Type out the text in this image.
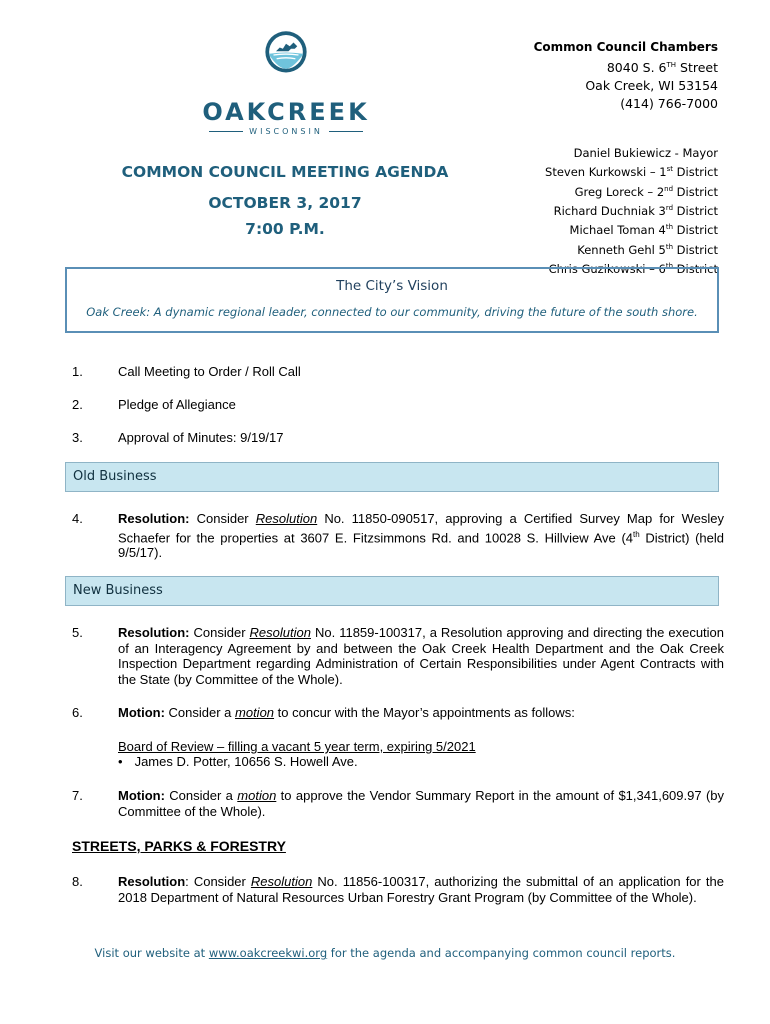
OAKCREEK
WISCONSIN
Common Council Chambers
8040 S. 6TH Street
Oak Creek, WI 53154
(414) 766-7000
Daniel Bukiewicz - Mayor
Steven Kurkowski – 1st District
Greg Loreck – 2nd District
Richard Duchniak 3rd District
Michael Toman 4th District
Kenneth Gehl 5th District
Chris Guzikowski – 6th District
COMMON COUNCIL MEETING AGENDA
OCTOBER 3, 2017
7:00 P.M.
The City’s Vision
Oak Creek: A dynamic regional leader, connected to our community, driving the future of the south shore.
1.	Call Meeting to Order / Roll Call
2.	Pledge of Allegiance
3.	Approval of Minutes: 9/19/17
Old Business
4.	Resolution: Consider Resolution No. 11850-090517, approving a Certified Survey Map for Wesley Schaefer for the properties at 3607 E. Fitzsimmons Rd. and 10028 S. Hillview Ave (4th District) (held 9/5/17).
New Business
5.	Resolution: Consider Resolution No. 11859-100317, a Resolution approving and directing the execution of an Interagency Agreement by and between the Oak Creek Health Department and the Oak Creek Inspection Department regarding Administration of Certain Responsibilities under Agent Contracts with the State (by Committee of the Whole).
6.	Motion: Consider a motion to concur with the Mayor’s appointments as follows:
Board of Review – filling a vacant 5 year term, expiring 5/2021
• James D. Potter, 10656 S. Howell Ave.
7.	Motion: Consider a motion to approve the Vendor Summary Report in the amount of $1,341,609.97 (by Committee of the Whole).
STREETS, PARKS & FORESTRY
8.	Resolution: Consider Resolution No. 11856-100317, authorizing the submittal of an application for the 2018 Department of Natural Resources Urban Forestry Grant Program (by Committee of the Whole).
Visit our website at www.oakcreekwi.org for the agenda and accompanying common council reports.
